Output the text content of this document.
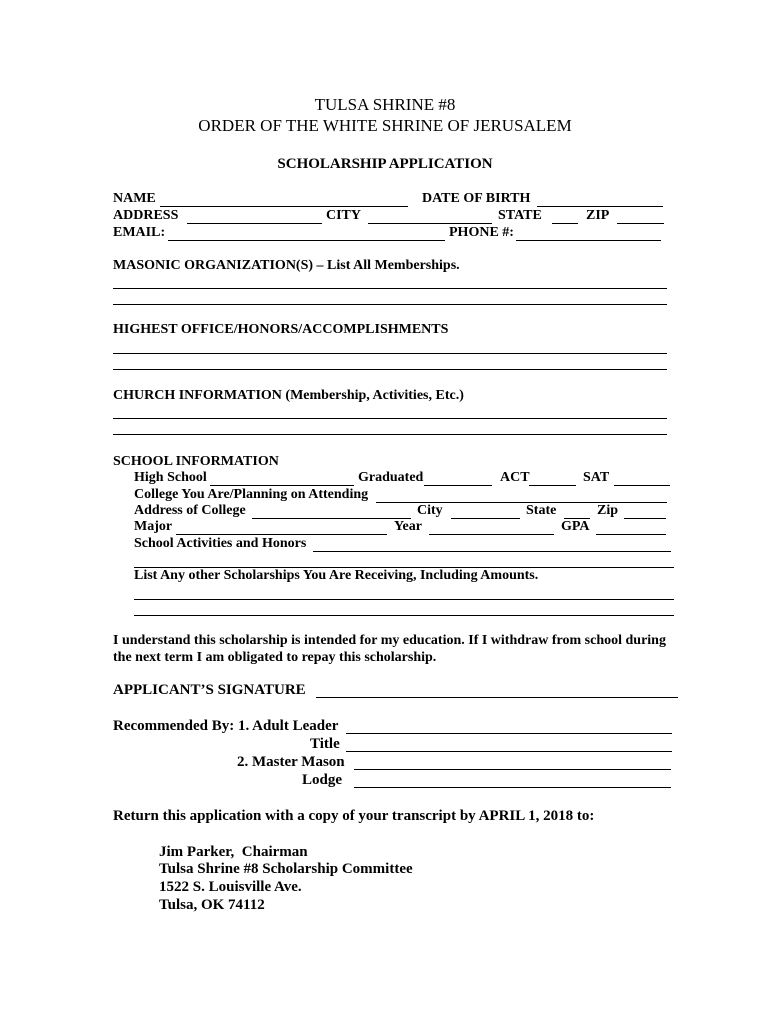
TULSA SHRINE #8
ORDER OF THE WHITE SHRINE OF JERUSALEM
SCHOLARSHIP APPLICATION
NAME	DATE OF BIRTH
ADDRESS	CITY	STATE	ZIP
EMAIL:	PHONE #:
MASONIC ORGANIZATION(S) – List All Memberships.
HIGHEST OFFICE/HONORS/ACCOMPLISHMENTS
CHURCH INFORMATION (Membership, Activities, Etc.)
SCHOOL INFORMATION
High School	Graduated	ACT	SAT
College You Are/Planning on Attending
Address of College	City	State	Zip
Major	Year	GPA
School Activities and Honors
List Any other Scholarships You Are Receiving, Including Amounts.
I understand this scholarship is intended for my education. If I withdraw from school during
the next term I am obligated to repay this scholarship.
APPLICANT’S SIGNATURE
Recommended By: 1. Adult Leader
Title
2. Master Mason
Lodge
Return this application with a copy of your transcript by APRIL 1, 2018 to:
Jim Parker,  Chairman
Tulsa Shrine #8 Scholarship Committee
1522 S. Louisville Ave.
Tulsa, OK 74112
